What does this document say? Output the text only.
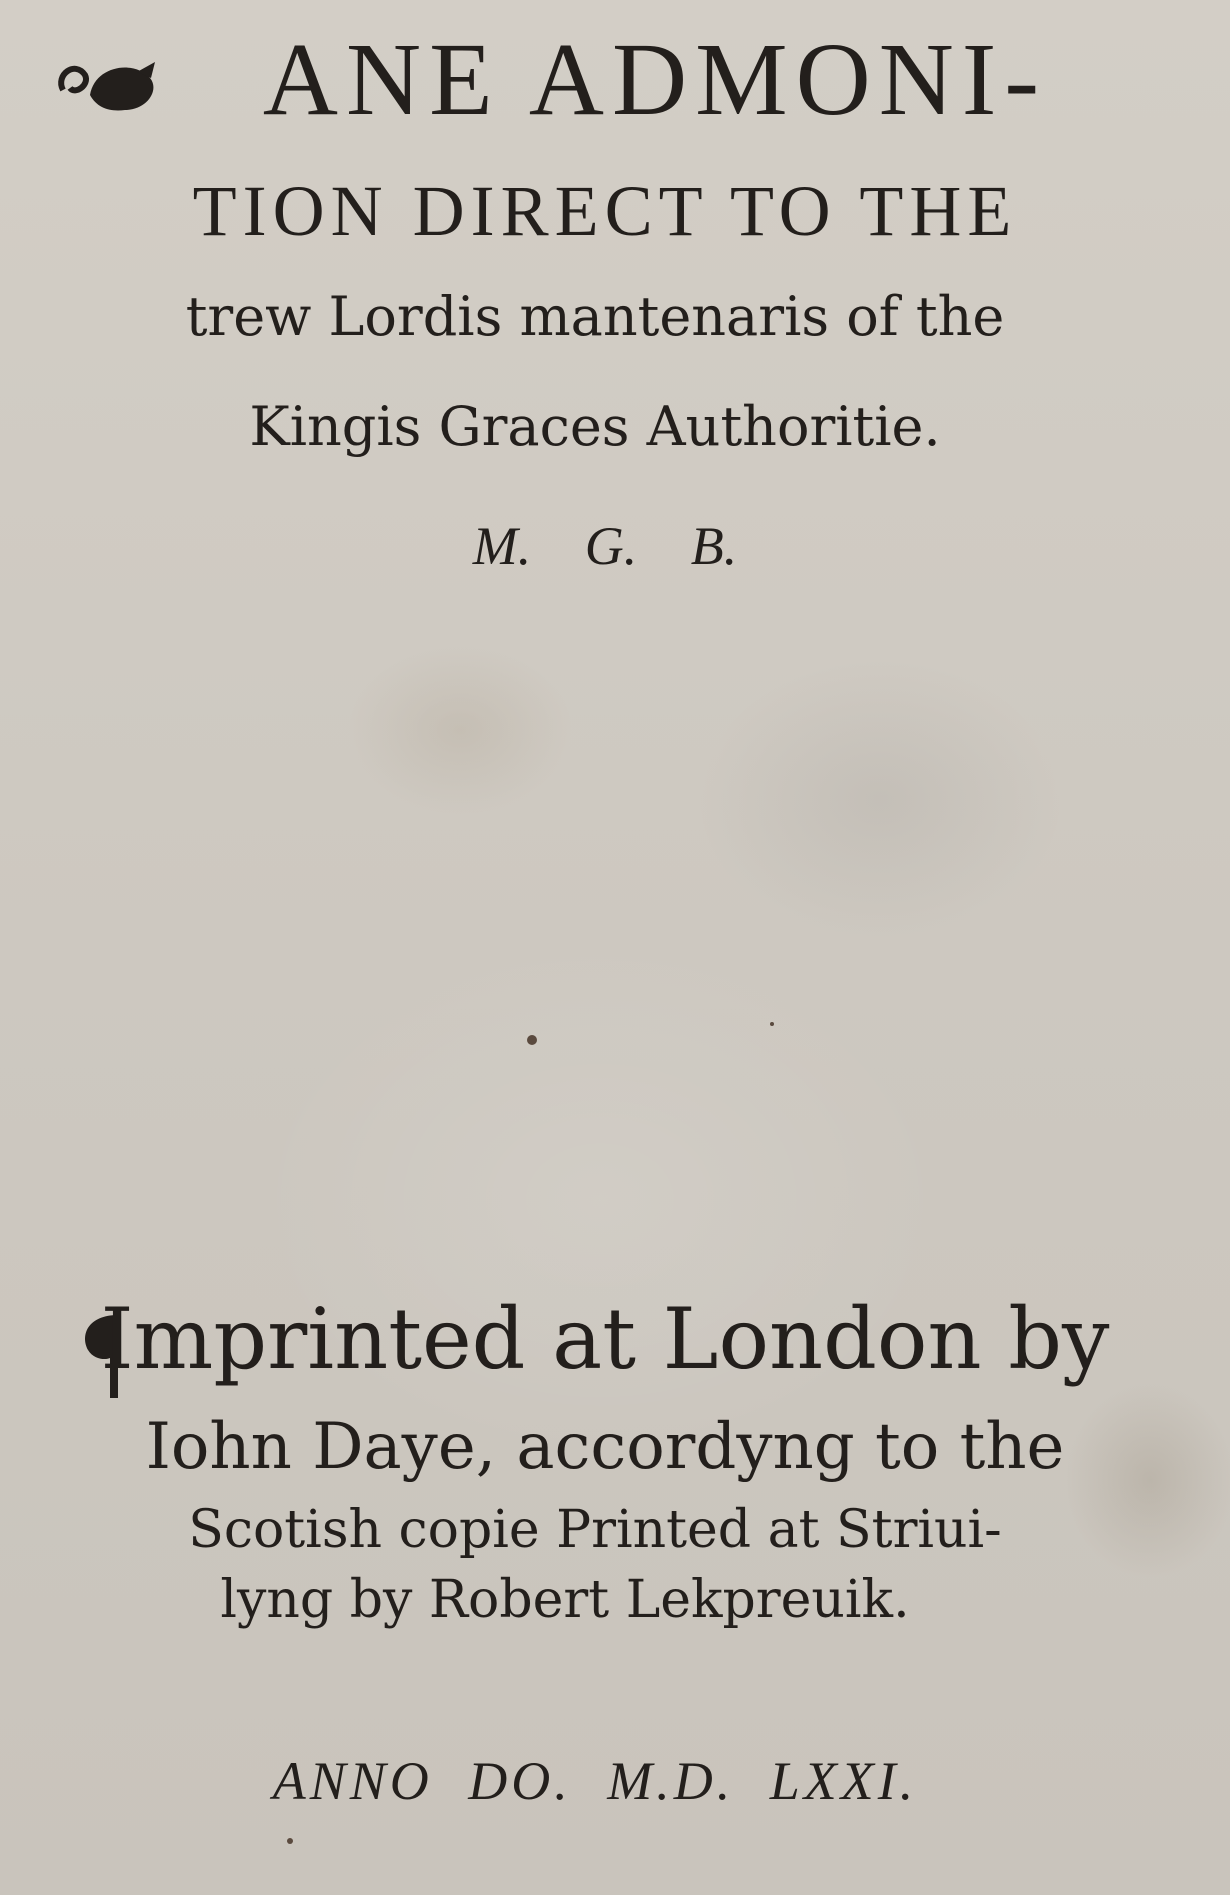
ANE ADMONI-
TION DIRECT TO THE
trew Lordis mantenaris of the
Kingis Graces Authoritie.
M. G. B.
Imprinted at London by
Iohn Daye, accordyng to the
Scotish copie Printed at Striui-
lyng by Robert Lekpreuik.
ANNO DO. M.D. LXXI.
